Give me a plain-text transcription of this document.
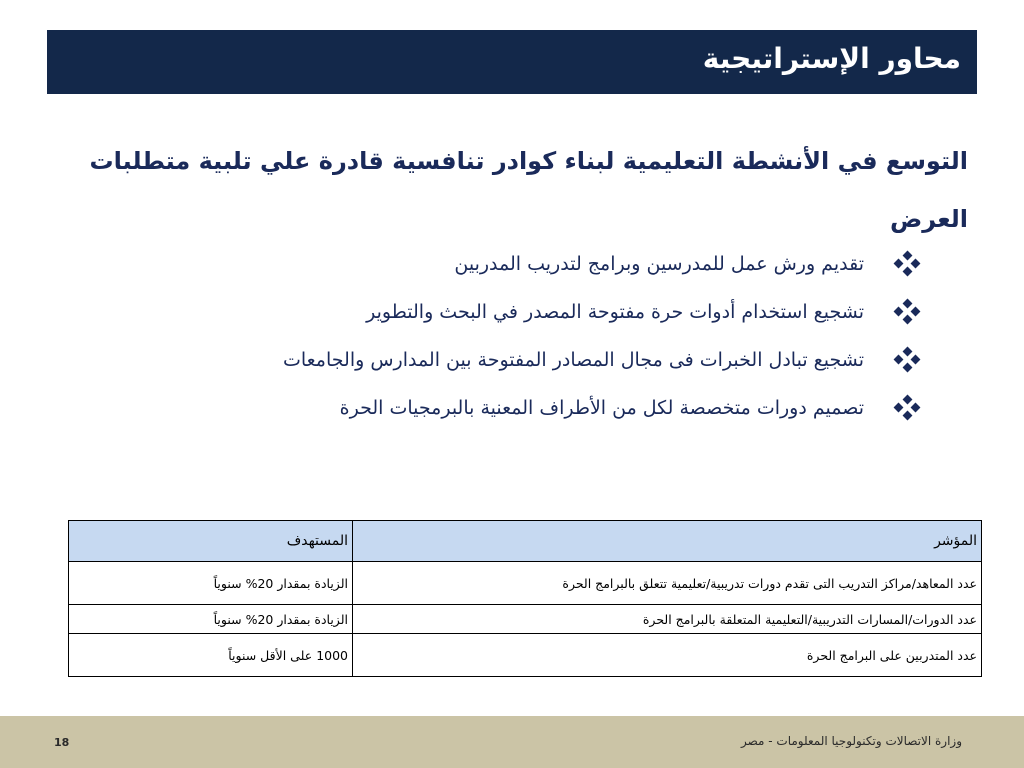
محاور الإستراتيجية
التوسع في الأنشطة التعليمية لبناء كوادر تنافسية قادرة علي تلبية متطلبات العرض
تقديم ورش عمل للمدرسين وبرامج لتدريب المدربين
تشجيع استخدام أدوات حرة مفتوحة المصدر في البحث والتطوير
تشجيع تبادل الخبرات فى مجال المصادر المفتوحة بين المدارس والجامعات
تصميم دورات متخصصة لكل من الأطراف المعنية بالبرمجيات الحرة
المؤشر	المستهدف
عدد المعاهد/مراكز التدريب التى تقدم دورات تدريبية/تعليمية تتعلق بالبرامج الحرة	الزيادة بمقدار 20% سنوياً
عدد الدورات/المسارات التدريبية/التعليمية المتعلقة بالبرامج الحرة	الزيادة بمقدار 20% سنوياً
عدد المتدربين على البرامج الحرة	1000 على الأقل سنوياً
وزارة الاتصالات وتكنولوجيا المعلومات - مصر
18
